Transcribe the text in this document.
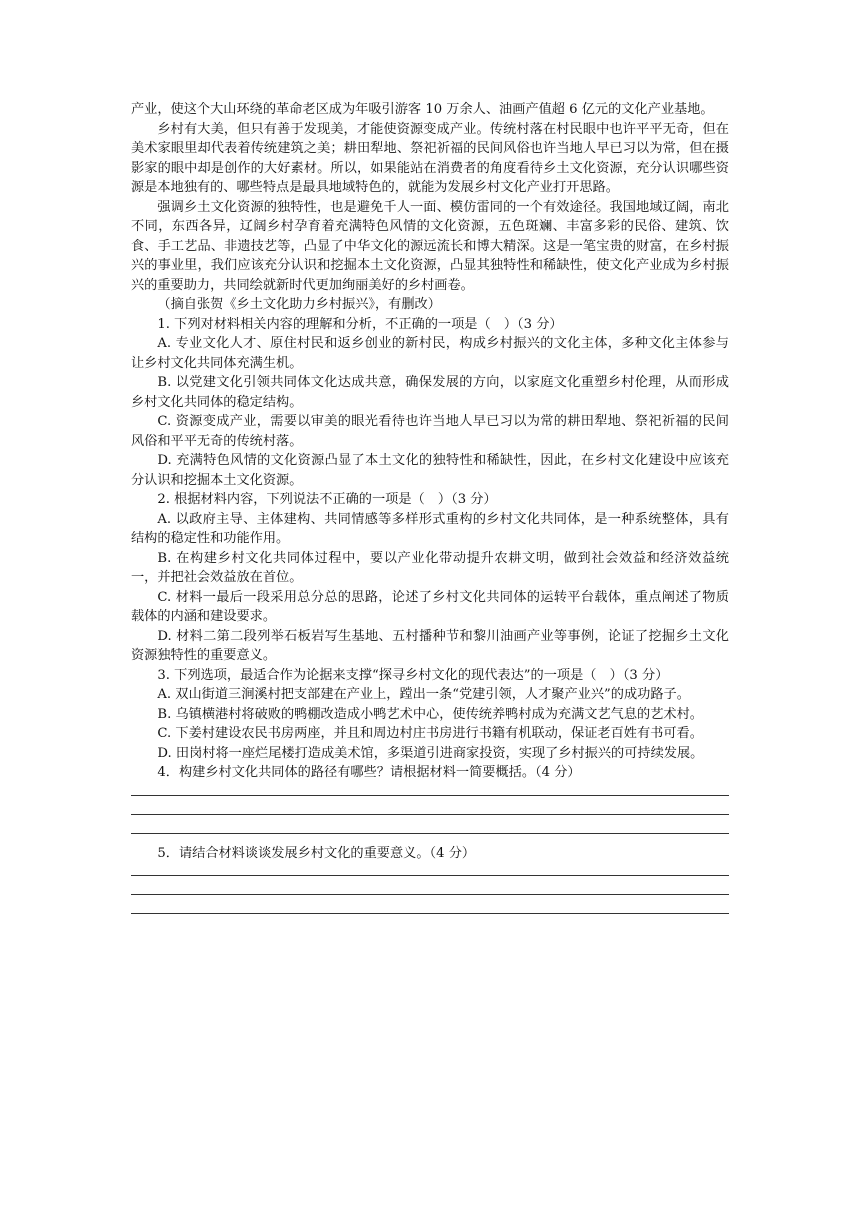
产业，使这个大山环绕的革命老区成为年吸引游客 10 万余人、油画产值超 6 亿元的文化产业基地。

乡村有大美，但只有善于发现美，才能使资源变成产业。传统村落在村民眼中也许平平无奇，但在美术家眼里却代表着传统建筑之美；耕田犁地、祭祀祈福的民间风俗也许当地人早已习以为常，但在摄影家的眼中却是创作的大好素材。所以，如果能站在消费者的角度看待乡土文化资源，充分认识哪些资源是本地独有的、哪些特点是最具地域特色的，就能为发展乡村文化产业打开思路。

强调乡土文化资源的独特性，也是避免千人一面、模仿雷同的一个有效途径。我国地域辽阔，南北不同，东西各异，辽阔乡村孕育着充满特色风情的文化资源，五色斑斓、丰富多彩的民俗、建筑、饮食、手工艺品、非遗技艺等，凸显了中华文化的源远流长和博大精深。这是一笔宝贵的财富，在乡村振兴的事业里，我们应该充分认识和挖掘本土文化资源，凸显其独特性和稀缺性，使文化产业成为乡村振兴的重要助力，共同绘就新时代更加绚丽美好的乡村画卷。

（摘自张贺《乡土文化助力乡村振兴》，有删改）

1. 下列对材料相关内容的理解和分析，不正确的一项是（　）（3 分）

A. 专业文化人才、原住村民和返乡创业的新村民，构成乡村振兴的文化主体，多种文化主体参与让乡村文化共同体充满生机。

B. 以党建文化引领共同体文化达成共意，确保发展的方向，以家庭文化重塑乡村伦理，从而形成乡村文化共同体的稳定结构。

C. 资源变成产业，需要以审美的眼光看待也许当地人早已习以为常的耕田犁地、祭祀祈福的民间风俗和平平无奇的传统村落。

D. 充满特色风情的文化资源凸显了本土文化的独特性和稀缺性，因此，在乡村文化建设中应该充分认识和挖掘本土文化资源。

2. 根据材料内容，下列说法不正确的一项是（　）（3 分）

A. 以政府主导、主体建构、共同情感等多样形式重构的乡村文化共同体，是一种系统整体，具有结构的稳定性和功能作用。

B. 在构建乡村文化共同体过程中，要以产业化带动提升农耕文明，做到社会效益和经济效益统一，并把社会效益放在首位。

C. 材料一最后一段采用总分总的思路，论述了乡村文化共同体的运转平台载体，重点阐述了物质载体的内涵和建设要求。

D. 材料二第二段列举石板岩写生基地、五村播种节和黎川油画产业等事例，论证了挖掘乡土文化资源独特性的重要意义。

3. 下列选项，最适合作为论据来支撑“探寻乡村文化的现代表达”的一项是（　）（3 分）

A. 双山街道三涧溪村把支部建在产业上，蹚出一条“党建引领，人才聚产业兴”的成功路子。

B. 乌镇横港村将破败的鸭棚改造成小鸭艺术中心，使传统养鸭村成为充满文艺气息的艺术村。

C. 下姜村建设农民书房两座，并且和周边村庄书房进行书籍有机联动，保证老百姓有书可看。

D. 田岗村将一座烂尾楼打造成美术馆，多渠道引进商家投资，实现了乡村振兴的可持续发展。

4．构建乡村文化共同体的路径有哪些？请根据材料一简要概括。（4 分）

5．请结合材料谈谈发展乡村文化的重要意义。（4 分）
